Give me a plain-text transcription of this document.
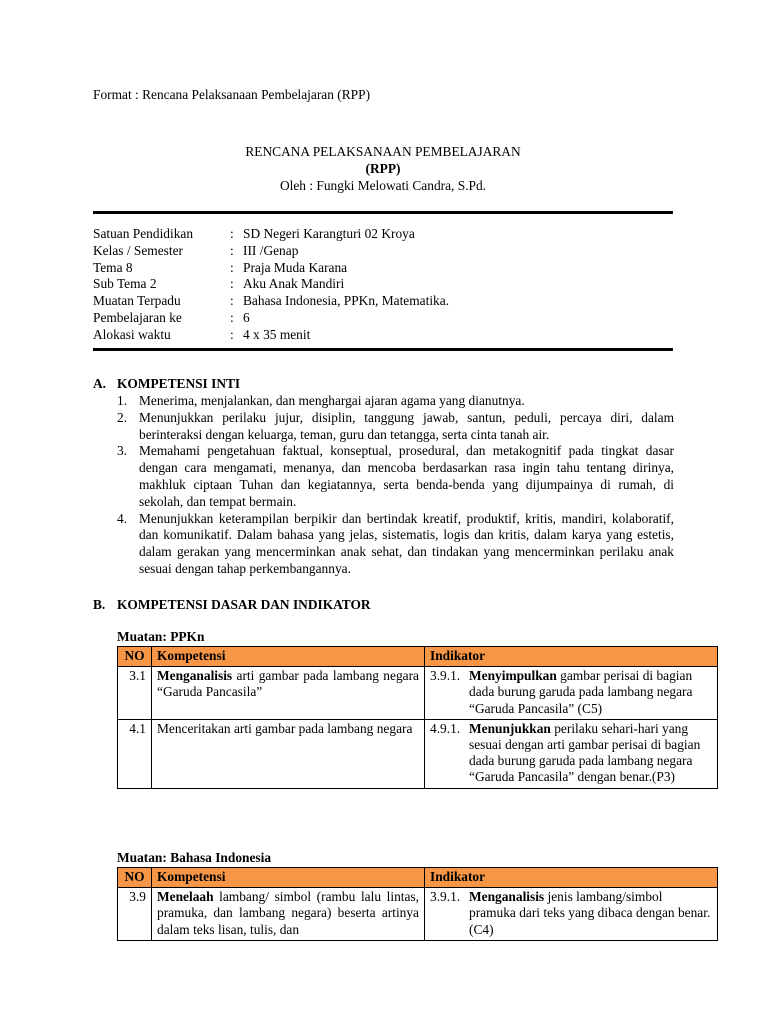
Format : Rencana Pelaksanaan Pembelajaran (RPP)
RENCANA PELAKSANAAN PEMBELAJARAN
(RPP)
Oleh : Fungki Melowati Candra, S.Pd.
Satuan Pendidikan	:	SD Negeri Karangturi 02 Kroya
Kelas / Semester	:	III /Genap
Tema 8	:	Praja Muda Karana
Sub Tema 2	:	Aku Anak Mandiri
Muatan Terpadu	:	Bahasa Indonesia, PPKn, Matematika.
Pembelajaran ke	:	6
Alokasi waktu	:	4 x 35 menit
A. KOMPETENSI INTI
1. Menerima, menjalankan, dan menghargai ajaran agama yang dianutnya.
2. Menunjukkan perilaku jujur, disiplin, tanggung jawab, santun, peduli, percaya diri, dalam berinteraksi dengan keluarga, teman, guru dan tetangga, serta cinta tanah air.
3. Memahami pengetahuan faktual, konseptual, prosedural, dan metakognitif pada tingkat dasar dengan cara mengamati, menanya, dan mencoba berdasarkan rasa ingin tahu tentang dirinya, makhluk ciptaan Tuhan dan kegiatannya, serta benda-benda yang dijumpainya di rumah, di sekolah, dan tempat bermain.
4. Menunjukkan keterampilan berpikir dan bertindak kreatif, produktif, kritis, mandiri, kolaboratif, dan komunikatif. Dalam bahasa yang jelas, sistematis, logis dan kritis, dalam karya yang estetis, dalam gerakan yang mencerminkan anak sehat, dan tindakan yang mencerminkan perilaku anak sesuai dengan tahap perkembangannya.
B. KOMPETENSI DASAR DAN INDIKATOR
Muatan: PPKn
NO	Kompetensi	Indikator
3.1	Menganalisis arti gambar pada lambang negara “Garuda Pancasila”	3.9.1. Menyimpulkan gambar perisai di bagian dada burung garuda pada lambang negara “Garuda Pancasila” (C5)

4.1	Menceritakan arti gambar pada lambang negara	4.9.1. Menunjukkan perilaku sehari-hari yang sesuai dengan arti gambar perisai di bagian dada burung garuda pada lambang negara “Garuda Pancasila” dengan benar.(P3)
Muatan: Bahasa Indonesia
NO	Kompetensi	Indikator
3.9	Menelaah lambang/ simbol (rambu lalu lintas, pramuka, dan lambang negara) beserta artinya dalam teks lisan, tulis, dan	3.9.1. Menganalisis jenis lambang/simbol pramuka dari teks yang dibaca dengan benar.(C4)
